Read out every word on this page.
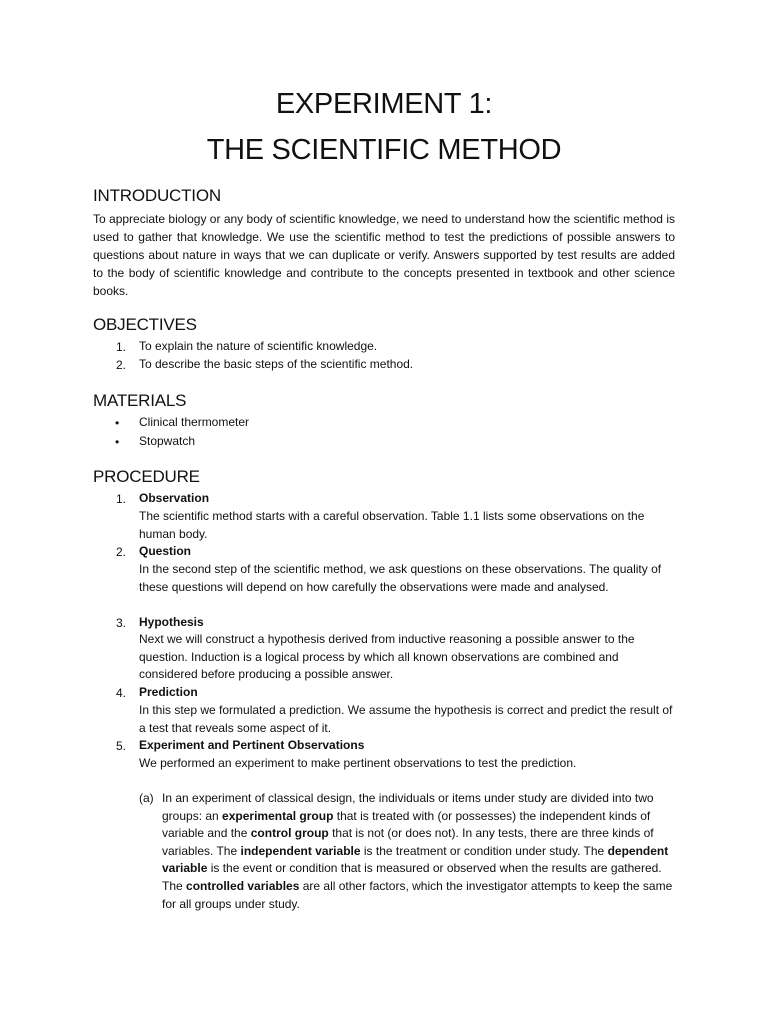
EXPERIMENT 1:
THE SCIENTIFIC METHOD
INTRODUCTION

To appreciate biology or any body of scientific knowledge, we need to understand how the scientific method is used to gather that knowledge. We use the scientific method to test the predictions of possible answers to questions about nature in ways that we can duplicate or verify. Answers supported by test results are added to the body of scientific knowledge and contribute to the concepts presented in textbook and other science books.

OBJECTIVES
1. To explain the nature of scientific knowledge.
2. To describe the basic steps of the scientific method.
MATERIALS
• Clinical thermometer
• Stopwatch
PROCEDURE
1. Observation

The scientific method starts with a careful observation. Table 1.1 lists some observations on the human body.

2. Question

In the second step of the scientific method, we ask questions on these observations. The quality of these questions will depend on how carefully the observations were made and analysed.

3. Hypothesis

Next we will construct a hypothesis derived from inductive reasoning a possible answer to the question. Induction is a logical process by which all known observations are combined and considered before producing a possible answer.

4. Prediction

In this step we formulated a prediction. We assume the hypothesis is correct and predict the result of a test that reveals some aspect of it.

5. Experiment and Pertinent Observations

We performed an experiment to make pertinent observations to test the prediction.

(a) In an experiment of classical design, the individuals or items under study are divided into two groups: an experimental group that is treated with (or possesses) the independent kinds of variable and the control group that is not (or does not). In any tests, there are three kinds of variables. The independent variable is the treatment or condition under study. The dependent variable is the event or condition that is measured or observed when the results are gathered. The controlled variables are all other factors, which the investigator attempts to keep the same for all groups under study.
